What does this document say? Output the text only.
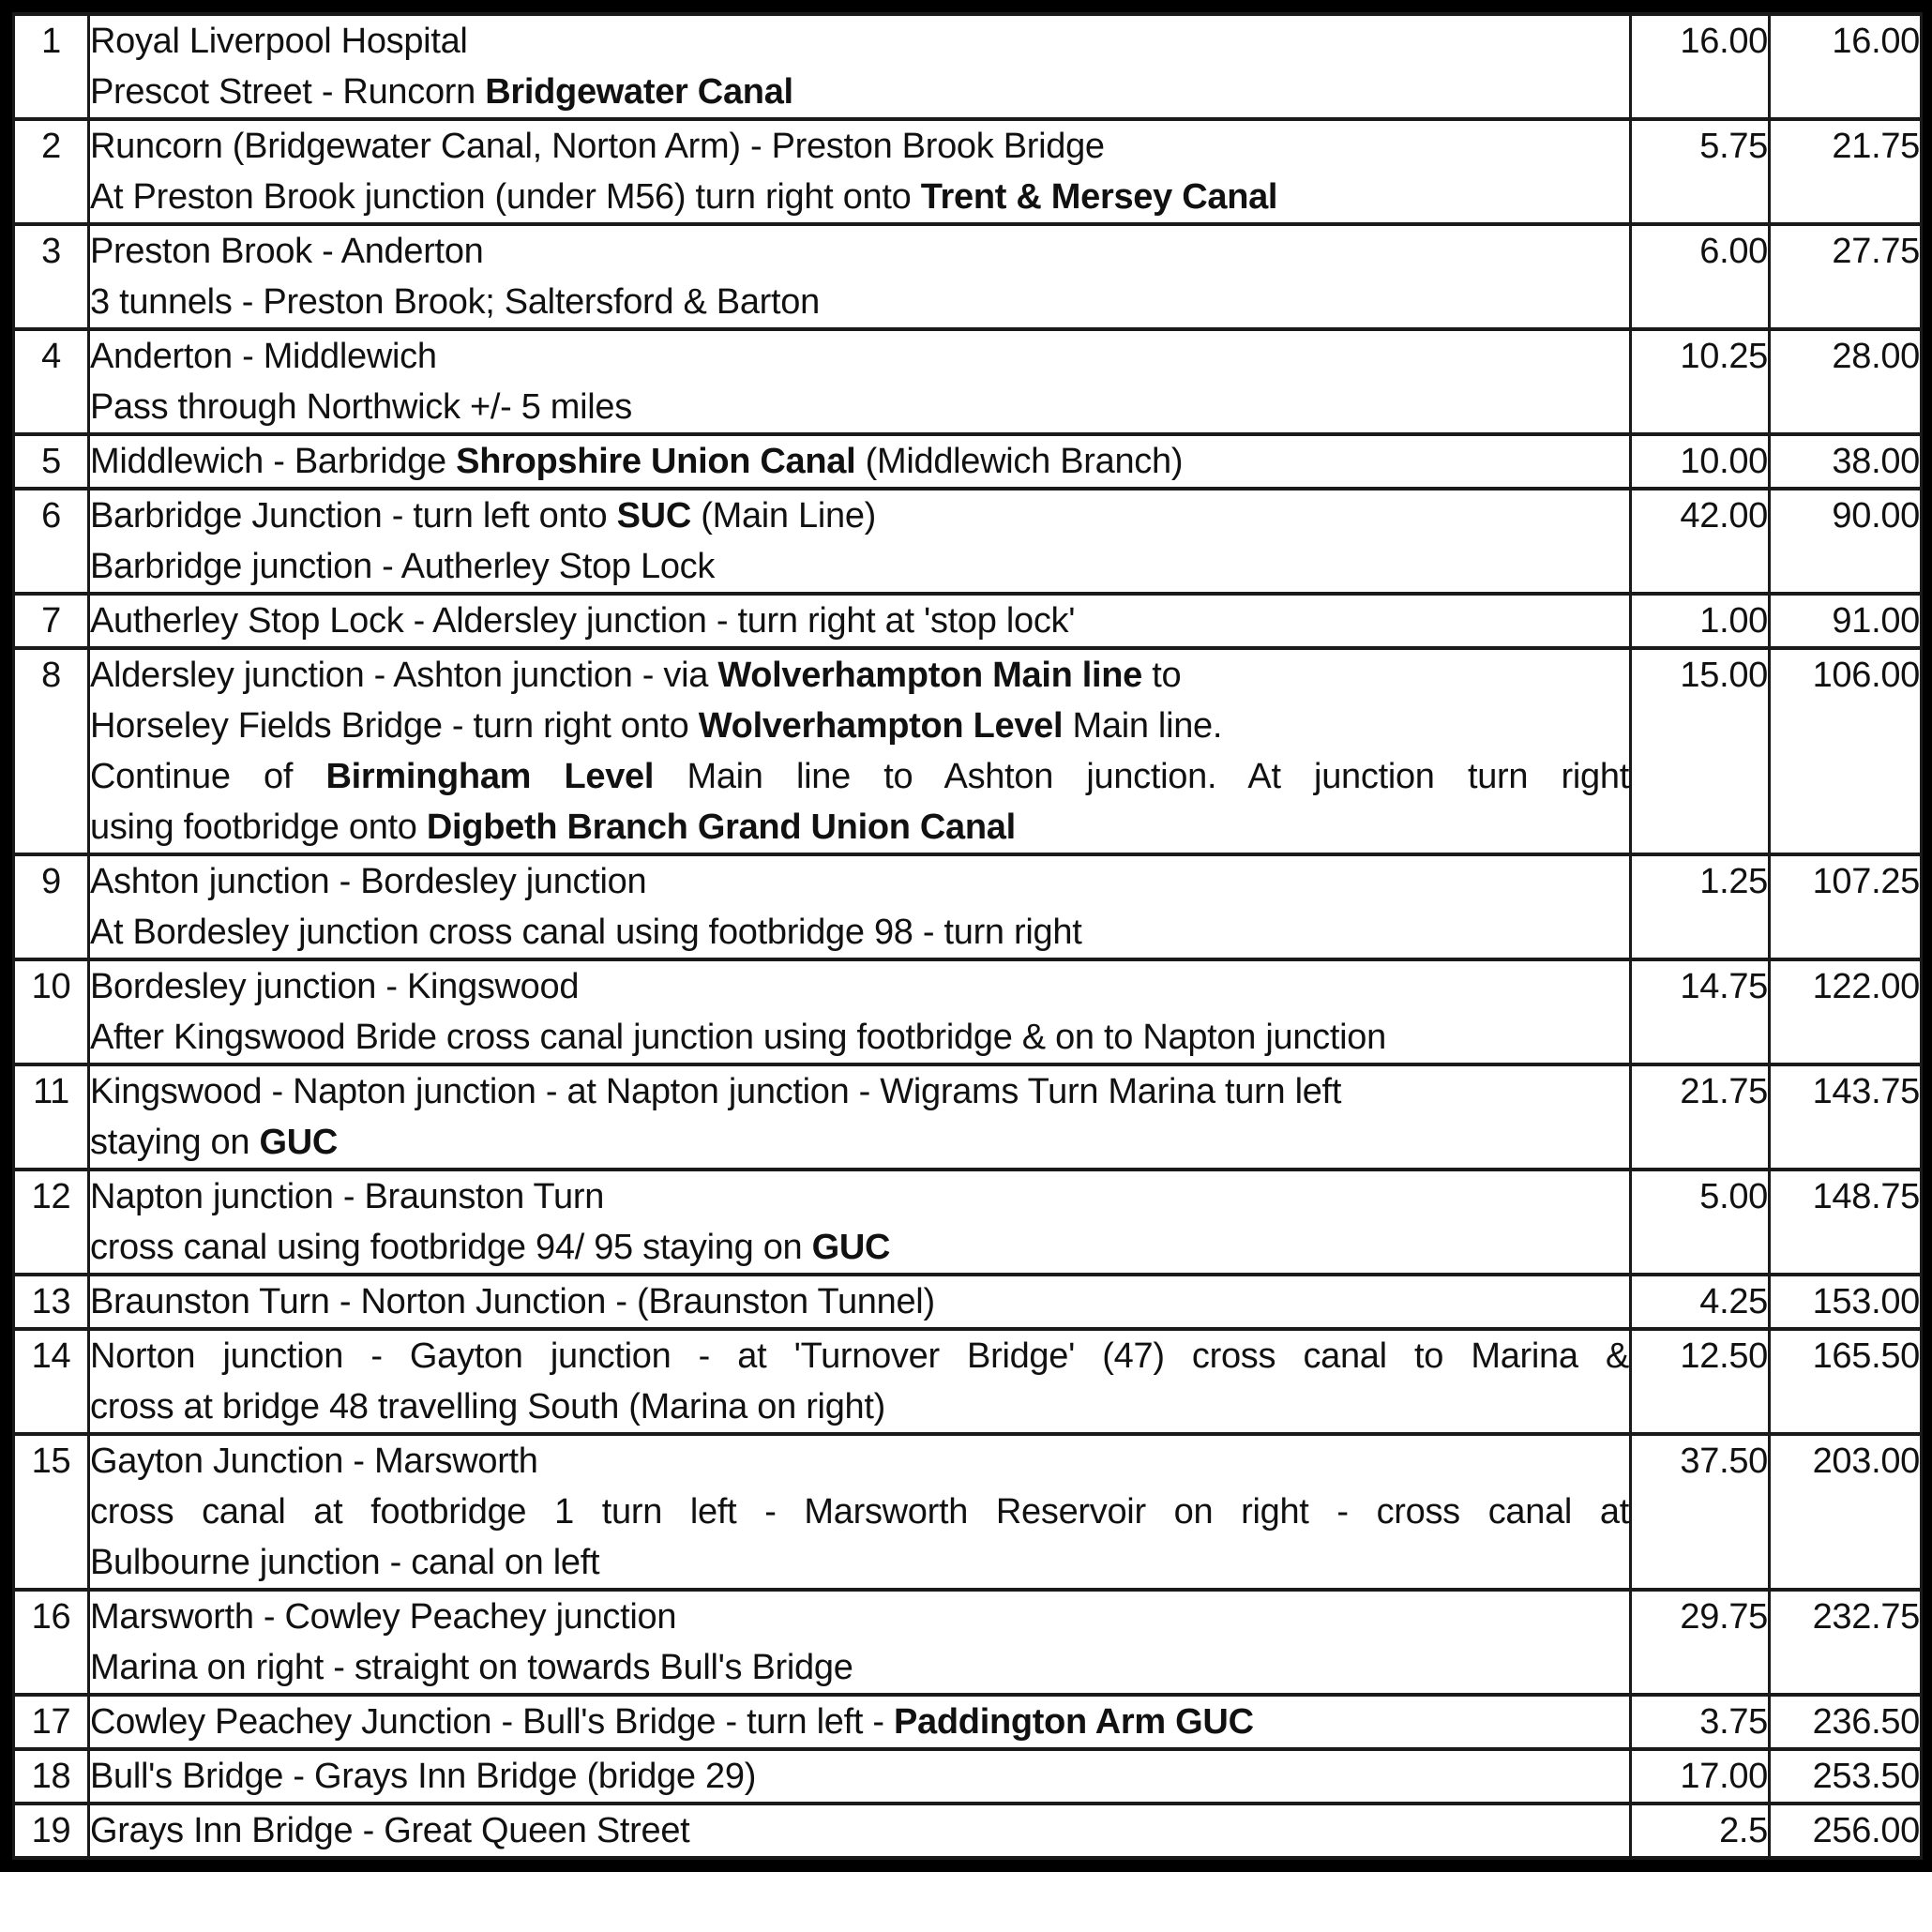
1	Royal Liverpool Hospital
Prescot Street - Runcorn Bridgewater Canal	16.00	16.00
2	Runcorn (Bridgewater Canal, Norton Arm) - Preston Brook Bridge
At Preston Brook junction (under M56) turn right onto Trent & Mersey Canal	5.75	21.75
3	Preston Brook - Anderton
3 tunnels - Preston Brook; Saltersford & Barton	6.00	27.75
4	Anderton - Middlewich
Pass through Northwick +/- 5 miles	10.25	28.00
5	Middlewich - Barbridge Shropshire Union Canal (Middlewich Branch)	10.00	38.00
6	Barbridge Junction - turn left onto SUC (Main Line)
Barbridge junction - Autherley Stop Lock	42.00	90.00
7	Autherley Stop Lock - Aldersley junction - turn right at 'stop lock'	1.00	91.00
8	Aldersley junction - Ashton junction - via Wolverhampton Main line to
Horseley Fields Bridge - turn right onto Wolverhampton Level Main line.
Continue of Birmingham Level Main line to Ashton junction. At junction turn right
using footbridge onto Digbeth Branch Grand Union Canal	15.00	106.00
9	Ashton junction - Bordesley junction
At Bordesley junction cross canal using footbridge 98 - turn right	1.25	107.25
10	Bordesley junction - Kingswood
After Kingswood Bride cross canal junction using footbridge & on to Napton junction	14.75	122.00
11	Kingswood - Napton junction - at Napton junction - Wigrams Turn Marina turn left
staying on GUC	21.75	143.75
12	Napton junction - Braunston Turn
cross canal using footbridge 94/ 95 staying on GUC	5.00	148.75
13	Braunston Turn - Norton Junction - (Braunston Tunnel)	4.25	153.00
14	Norton junction - Gayton junction - at 'Turnover Bridge' (47) cross canal to Marina &
cross at bridge 48 travelling South (Marina on right)	12.50	165.50
15	Gayton Junction - Marsworth
cross canal at footbridge 1 turn left - Marsworth Reservoir on right - cross canal at
Bulbourne junction - canal on left	37.50	203.00
16	Marsworth - Cowley Peachey junction
Marina on right - straight on towards Bull's Bridge	29.75	232.75
17	Cowley Peachey Junction - Bull's Bridge - turn left - Paddington Arm GUC	3.75	236.50
18	Bull's Bridge - Grays Inn Bridge (bridge 29)	17.00	253.50
19	Grays Inn Bridge - Great Queen Street	2.5	256.00
